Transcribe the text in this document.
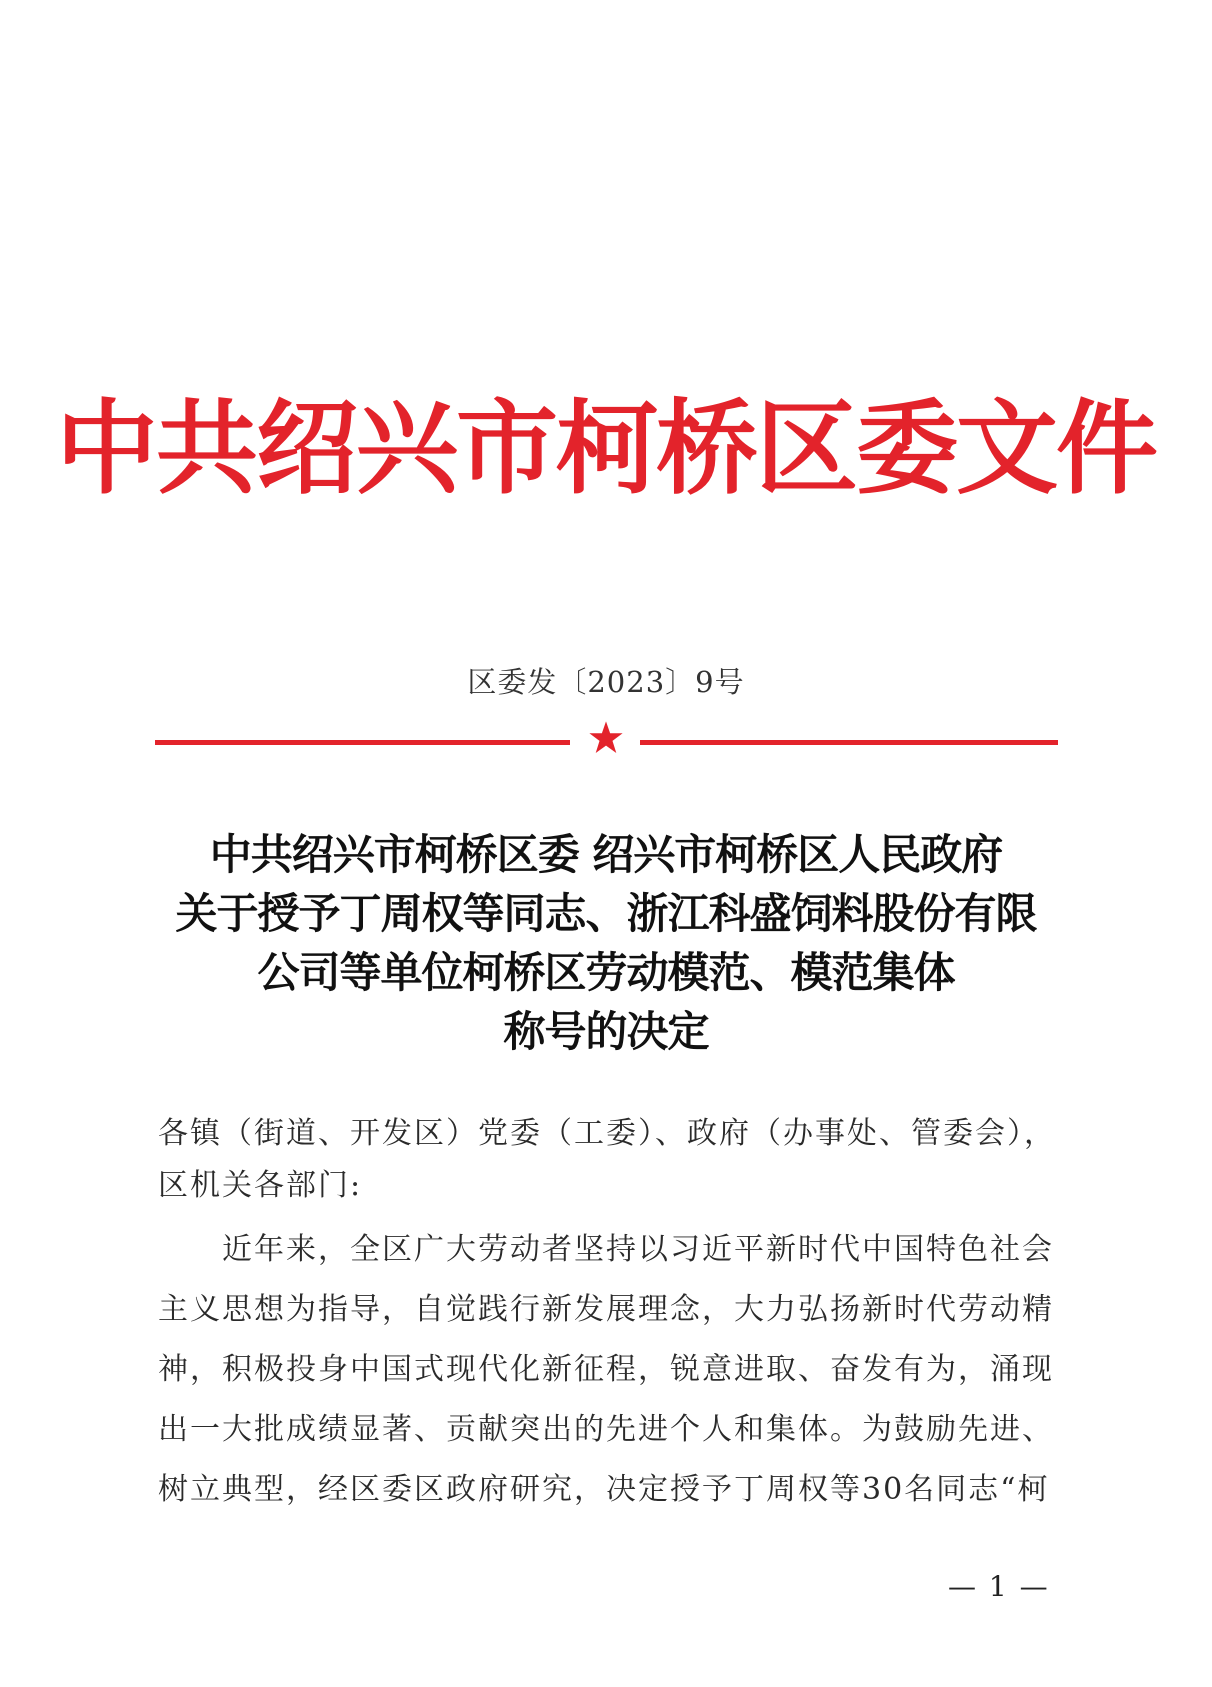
中共绍兴市柯桥区委文件
区委发〔2023〕9号
中共绍兴市柯桥区委 绍兴市柯桥区人民政府
关于授予丁周权等同志、浙江科盛饲料股份有限
公司等单位柯桥区劳动模范、模范集体
称号的决定
各镇（街道、开发区）党委（工委）、政府（办事处、管委会），
区机关各部门:
　　近年来，全区广大劳动者坚持以习近平新时代中国特色社会
主义思想为指导，自觉践行新发展理念，大力弘扬新时代劳动精
神，积极投身中国式现代化新征程，锐意进取、奋发有为，涌现
出一大批成绩显著、贡献突出的先进个人和集体。为鼓励先进、
树立典型，经区委区政府研究，决定授予丁周权等30名同志“柯
— 1 —
